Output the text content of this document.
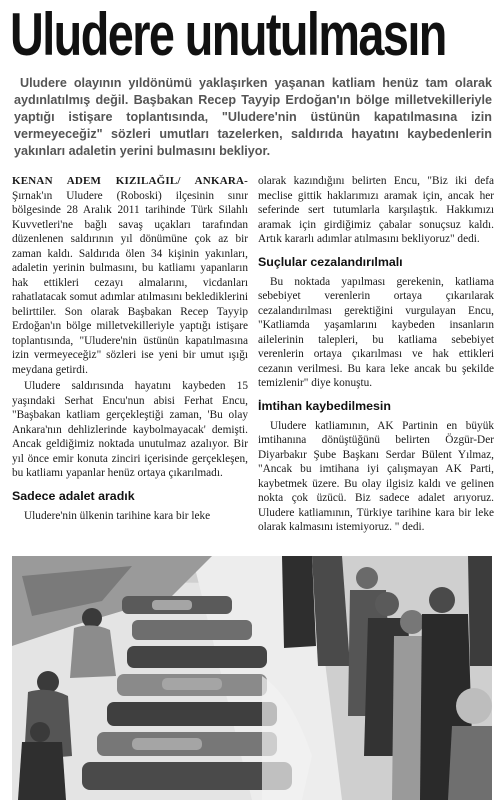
Uludere unutulmasın
Uludere olayının yıldönümü yaklaşırken yaşanan katliam henüz tam olarak aydınlatılmış değil. Başbakan Recep Tayyip Erdoğan'ın bölge milletvekilleriyle yaptığı istişare toplantısında, "Uludere'nin üstünün kapatılmasına izin vermeyeceğiz" sözleri umutları tazelerken, saldırıda hayatını kaybedenlerin yakınları adaletin yerini bulmasını bekliyor.

KENAN ADEM KIZILAĞIL/ ANKARA- Şırnak'ın Uludere (Roboski) ilçesinin sınır bölgesinde 28 Aralık 2011 tarihinde Türk Silahlı Kuvvetleri'ne bağlı savaş uçakları tarafından düzenlenen saldırının yıl dönümüne çok az bir zaman kaldı. Saldırıda ölen 34 kişinin yakınları, adaletin yerinin bulmasını, bu katliamı yapanların hak ettikleri cezayı almalarını, vicdanları rahatlatacak somut adımlar atılmasını beklediklerini belirttiler. Son olarak Başbakan Recep Tayyip Erdoğan'ın bölge milletvekilleriyle yaptığı istişare toplantısında, "Uludere'nin üstünün kapatılmasına izin vermeyeceğiz" sözleri ise yeni bir umut ışığı meydana getirdi.

Uludere saldırısında hayatını kaybeden 15 yaşındaki Serhat Encu'nun abisi Ferhat Encu, "Başbakan katliam gerçekleştiği zaman, 'Bu olay Ankara'nın dehlizlerinde kaybolmayacak' demişti. Ancak geldiğimiz noktada unutulmaz azalıyor. Bir yıl önce emir konuta zinciri içerisinde gerçekleşen, bu katliamı yapanlar henüz ortaya çıkarılmadı.

Sadece adalet aradık

Uludere'nin ülkenin tarihine kara bir leke

olarak kazındığını belirten Encu, "Biz iki defa meclise gittik haklarımızı aramak için, ancak her seferinde sert tutumlarla karşılaştık. Hakkımızı aramak için girdiğimiz çabalar sonuçsuz kaldı. Artık kararlı adımlar atılmasını bekliyoruz" dedi.

Suçlular cezalandırılmalı

Bu noktada yapılması gerekenin, katliama sebebiyet verenlerin ortaya çıkarılarak cezalandırılması gerektiğini vurgulayan Encu, "Katliamda yaşamlarını kaybeden insanların ailelerinin talepleri, bu katliama sebebiyet verenlerin ortaya çıkarılması ve hak ettikleri cezanın verilmesi. Bu kara leke ancak bu şekilde temizlenir" diye konuştu.

İmtihan kaybedilmesin

Uludere katliamının, AK Partinin en büyük imtihanına dönüştüğünü belirten Özgür-Der Diyarbakır Şube Başkanı Serdar Bülent Yılmaz, "Ancak bu imtihana iyi çalışmayan AK Parti, kaybetmek üzere. Bu olay ilgisiz kaldı ve gelinen nokta çok üzücü. Biz sadece adalet arıyoruz. Uludere katliamının, Türkiye tarihine kara bir leke olarak kalmasını istemiyoruz. " dedi.
